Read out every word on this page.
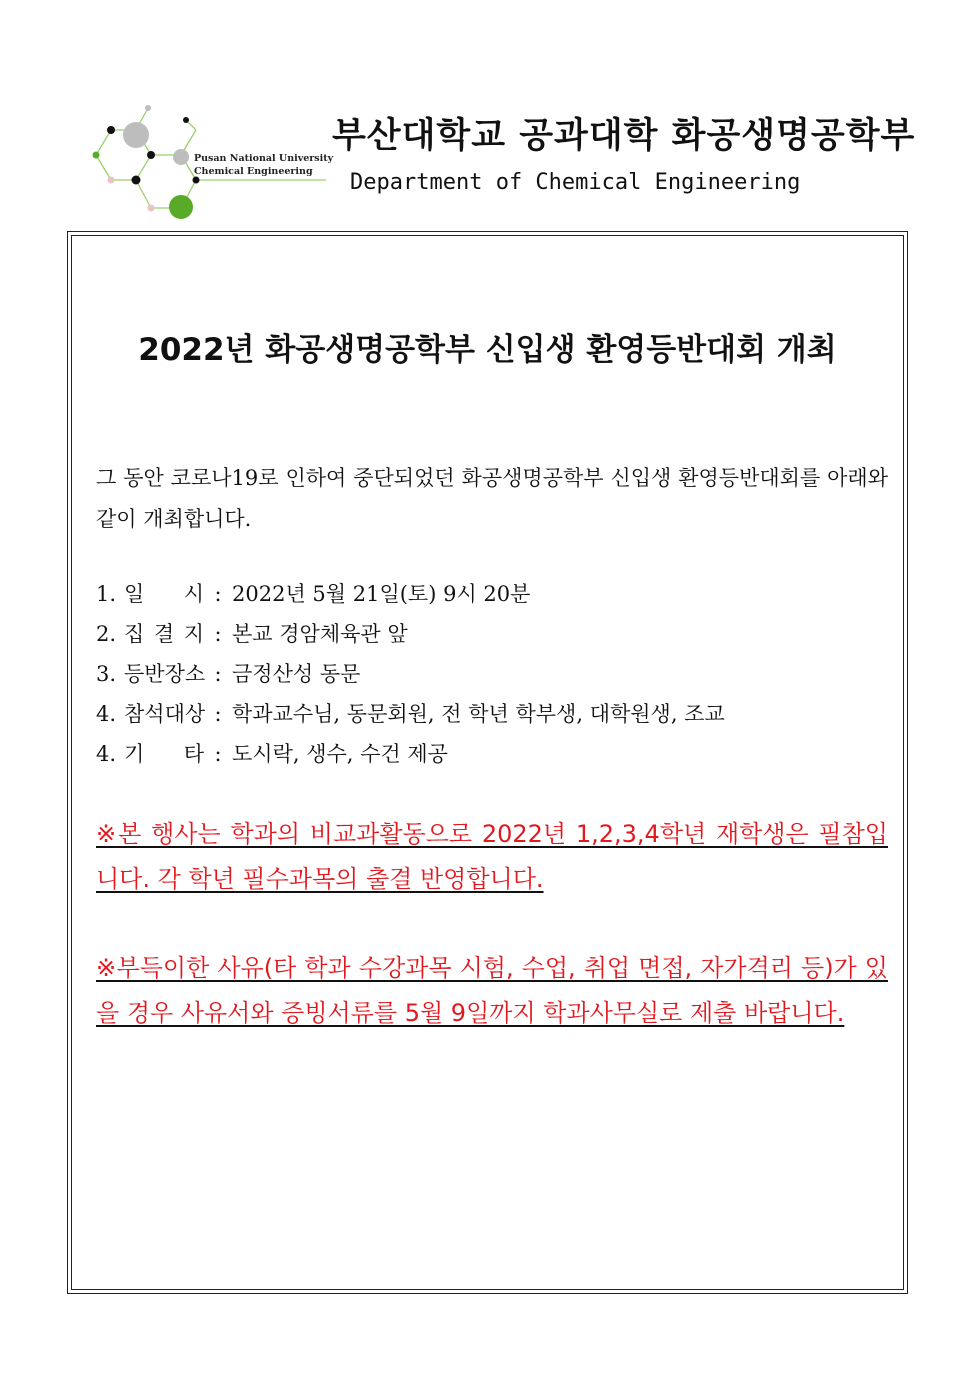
Pusan National University
Chemical Engineering
부산대학교 공과대학 화공생명공학부
Department of Chemical Engineering
2022년 화공생명공학부 신입생 환영등반대회 개최
그 동안 코로나19로 인하여 중단되었던 화공생명공학부 신입생 환영등반대회를 아래와 같이 개최합니다.
1. 일 시 : 2022년 5월 21일(토) 9시 20분
2. 집 결 지 : 본교 경암체육관 앞
3. 등반장소 : 금정산성 동문
4. 참석대상 : 학과교수님, 동문회원, 전 학년 학부생, 대학원생, 조교
4. 기 타 : 도시락, 생수, 수건 제공
※본 행사는 학과의 비교과활동으로 2022년 1,2,3,4학년 재학생은 필참입니다. 각 학년 필수과목의 출결 반영합니다.
※부득이한 사유(타 학과 수강과목 시험, 수업, 취업 면접, 자가격리 등)가 있을 경우 사유서와 증빙서류를 5월 9일까지 학과사무실로 제출 바랍니다.
